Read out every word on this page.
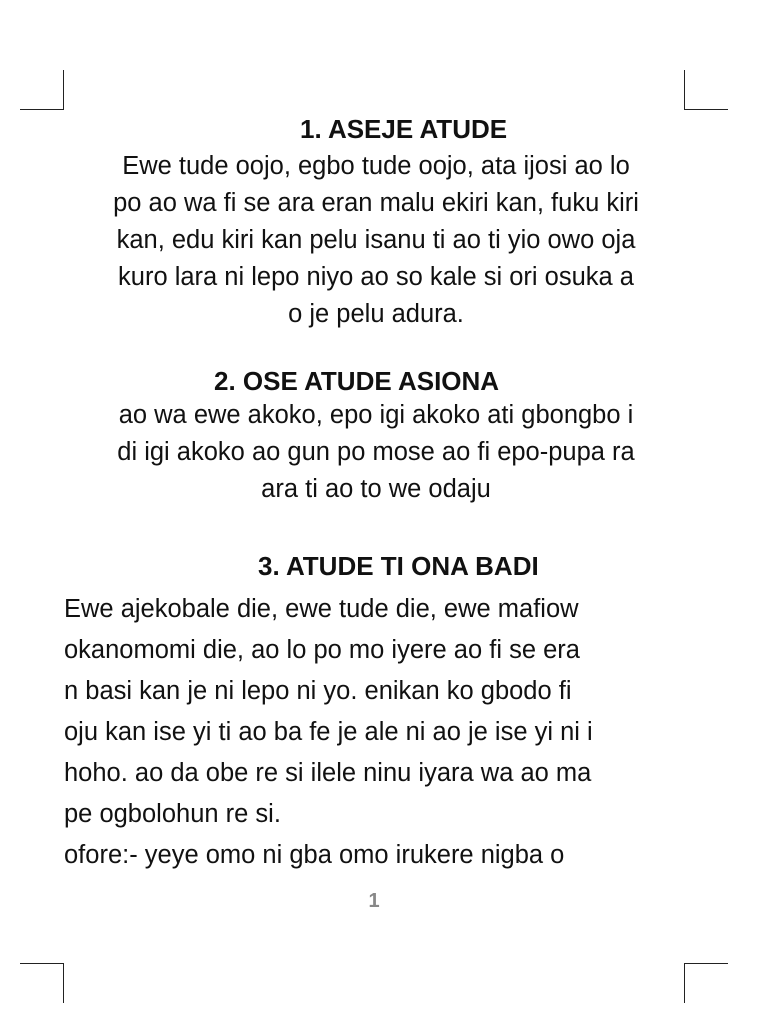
1. ASEJE ATUDE
Ewe tude oojo, egbo tude oojo, ata ijosi ao lo
po ao wa fi se ara eran malu ekiri kan, fuku kiri
kan, edu kiri kan pelu isanu ti ao ti yio owo oja
kuro lara ni lepo niyo ao so kale si ori osuka a
o je pelu adura.
2. OSE ATUDE ASIONA
ao wa ewe akoko, epo igi akoko ati gbongbo i
di igi akoko ao gun po mose ao fi epo-pupa ra
ara ti ao to we odaju
3. ATUDE TI ONA BADI
Ewe ajekobale die, ewe tude die, ewe mafiow
okanomomi die, ao lo po mo iyere ao fi se era
n basi kan je ni lepo ni yo. enikan ko gbodo fi
oju kan ise yi ti ao ba fe je ale ni ao je ise yi ni i
hoho. ao da obe re si ilele ninu iyara wa ao ma
pe ogbolohun re si.
ofore:- yeye omo ni gba omo irukere nigba o
1
